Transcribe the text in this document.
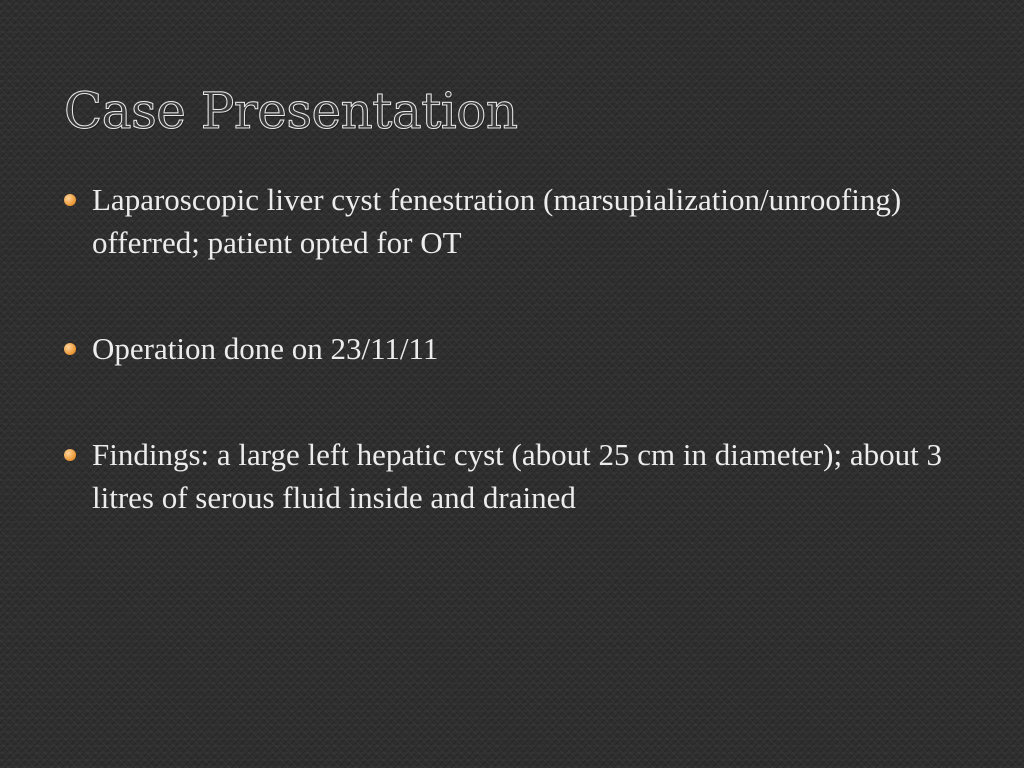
Case Presentation
Laparoscopic liver cyst fenestration (marsupialization/unroofing) offerred; patient opted for OT
Operation done on 23/11/11
Findings: a large left hepatic cyst (about 25 cm in diameter); about 3 litres of serous fluid inside and drained
